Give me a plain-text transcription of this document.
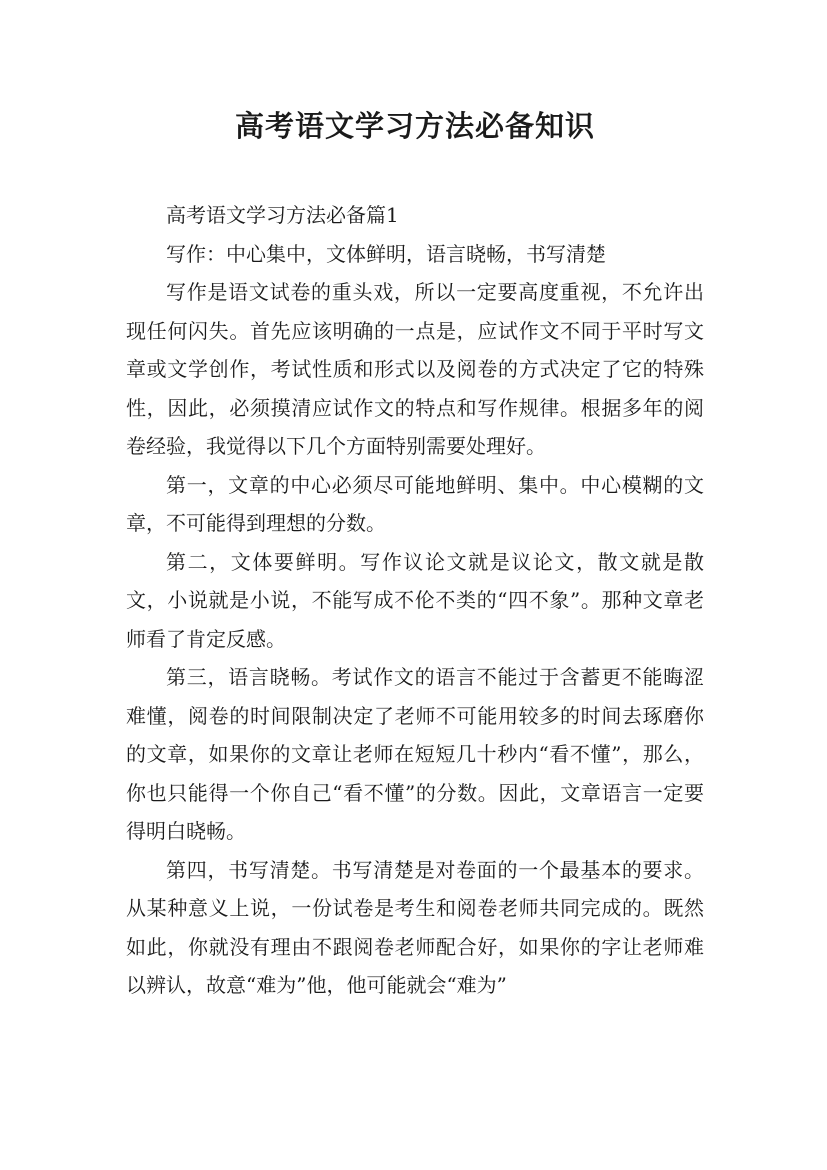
高考语文学习方法必备知识

高考语文学习方法必备篇1

写作：中心集中，文体鲜明，语言晓畅，书写清楚

写作是语文试卷的重头戏，所以一定要高度重视，不允许出现任何闪失。首先应该明确的一点是，应试作文不同于平时写文章或文学创作，考试性质和形式以及阅卷的方式决定了它的特殊性，因此，必须摸清应试作文的特点和写作规律。根据多年的阅卷经验，我觉得以下几个方面特别需要处理好。

第一，文章的中心必须尽可能地鲜明、集中。中心模糊的文章，不可能得到理想的分数。

第二，文体要鲜明。写作议论文就是议论文，散文就是散文，小说就是小说，不能写成不伦不类的“四不象”。那种文章老师看了肯定反感。

第三，语言晓畅。考试作文的语言不能过于含蓄更不能晦涩难懂，阅卷的时间限制决定了老师不可能用较多的时间去琢磨你的文章，如果你的文章让老师在短短几十秒内“看不懂”，那么，你也只能得一个你自己“看不懂”的分数。因此，文章语言一定要得明白晓畅。

第四，书写清楚。书写清楚是对卷面的一个最基本的要求。从某种意义上说，一份试卷是考生和阅卷老师共同完成的。既然如此，你就没有理由不跟阅卷老师配合好，如果你的字让老师难以辨认，故意“难为”他，他可能就会“难为”
